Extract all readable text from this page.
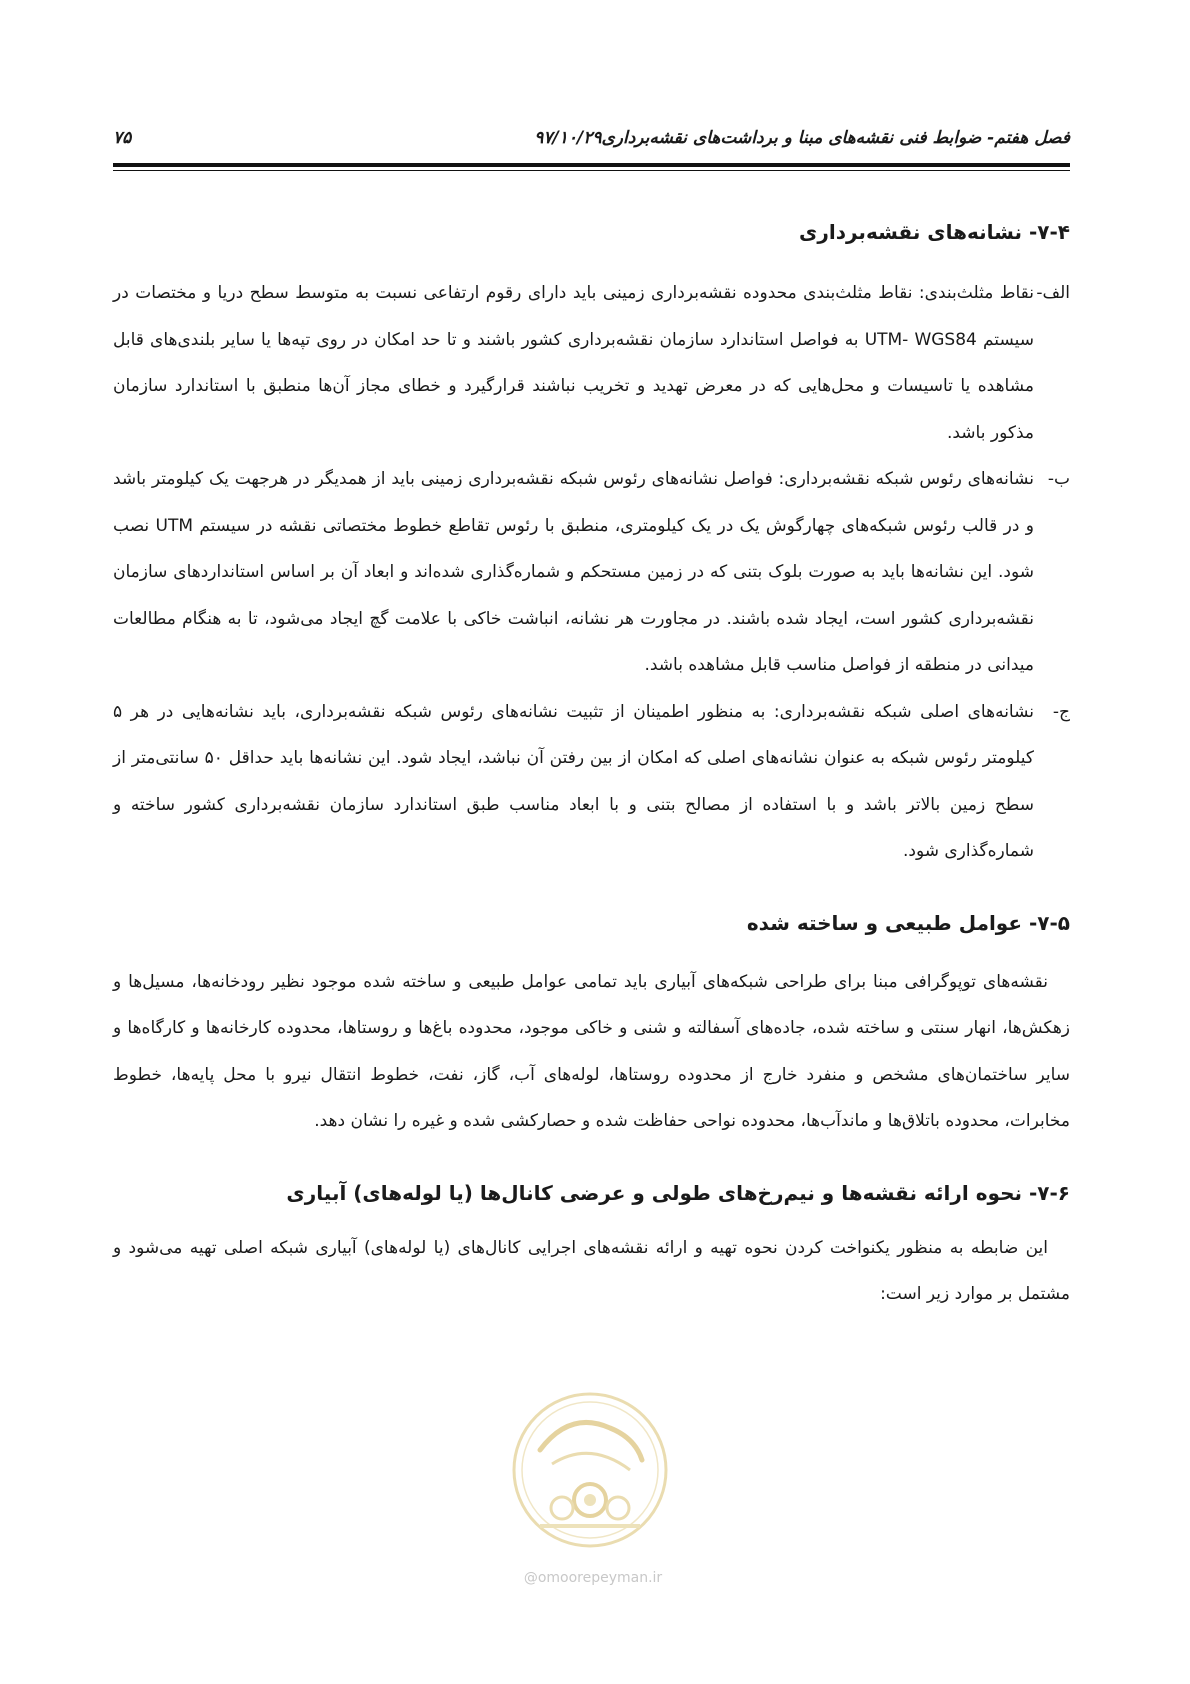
فصل هفتم- ضوابط فنی نقشه‌های مبنا و برداشت‌های نقشه‌برداری۹۷/۱۰/۲۹
۷۵
۷-۴- نشانه‌های نقشه‌برداری
الف-
نقاط مثلث‌بندی: نقاط مثلث‌بندی محدوده نقشه‌برداری زمینی باید دارای رقوم ارتفاعی نسبت به متوسط سطح دریا و مختصات در سیستم UTM- WGS84 به فواصل استاندارد سازمان نقشه‌برداری کشور باشند و تا حد امکان در روی تپه‌ها یا سایر بلندی‌های قابل مشاهده یا تاسیسات و محل‌هایی که در معرض تهدید و تخریب نباشند قرارگیرد و خطای مجاز آن‌ها منطبق با استاندارد سازمان مذکور باشد.
ب-
نشانه‌های رئوس شبکه نقشه‌برداری: فواصل نشانه‌های رئوس شبکه نقشه‌برداری زمینی باید از همدیگر در هرجهت یک کیلومتر باشد و در قالب رئوس شبکه‌های چهارگوش یک در یک کیلومتری، منطبق با رئوس تقاطع خطوط مختصاتی نقشه در سیستم UTM نصب شود. این نشانه‌ها باید به صورت بلوک بتنی که در زمین مستحکم و شماره‌گذاری شده‌اند و ابعاد آن بر اساس استانداردهای سازمان نقشه‌برداری کشور است، ایجاد شده باشند. در مجاورت هر نشانه، انباشت خاکی با علامت گچ ایجاد می‌شود، تا به هنگام مطالعات میدانی در منطقه از فواصل مناسب قابل مشاهده باشد.
ج-
نشانه‌های اصلی شبکه نقشه‌برداری: به منظور اطمینان از تثبیت نشانه‌های رئوس شبکه نقشه‌برداری، باید نشانه‌هایی در هر ۵ کیلومتر رئوس شبکه به عنوان نشانه‌های اصلی که امکان از بین رفتن آن نباشد، ایجاد شود. این نشانه‌ها باید حداقل ۵۰ سانتی‌متر از سطح زمین بالاتر باشد و با استفاده از مصالح بتنی و با ابعاد مناسب طبق استاندارد سازمان نقشه‌برداری کشور ساخته و شماره‌گذاری شود.
۷-۵- عوامل طبیعی و ساخته شده

نقشه‌های توپوگرافی مبنا برای طراحی شبکه‌های آبیاری باید تمامی عوامل طبیعی و ساخته شده موجود نظیر رودخانه‌ها، مسیل‌ها و زهکش‌ها، انهار سنتی و ساخته شده، جاده‌های آسفالته و شنی و خاکی موجود، محدوده باغ‌ها و روستاها، محدوده کارخانه‌ها و کارگاه‌ها و سایر ساختمان‌های مشخص و منفرد خارج از محدوده روستاها، لوله‌های آب، گاز، نفت، خطوط انتقال نیرو با محل پایه‌ها، خطوط مخابرات، محدوده باتلاق‌ها و ماندآب‌ها، محدوده نواحی حفاظت شده و حصارکشی شده و غیره را نشان دهد.

۷-۶- نحوه ارائه نقشه‌ها و نیم‌رخ‌های طولی و عرضی کانال‌ها (یا لوله‌های) آبیاری

این ضابطه به منظور یکنواخت کردن نحوه تهیه و ارائه نقشه‌های اجرایی کانال‌های (یا لوله‌های) آبیاری شبکه اصلی تهیه می‌شود و مشتمل بر موارد زیر است:

@omoorepeyman.ir
